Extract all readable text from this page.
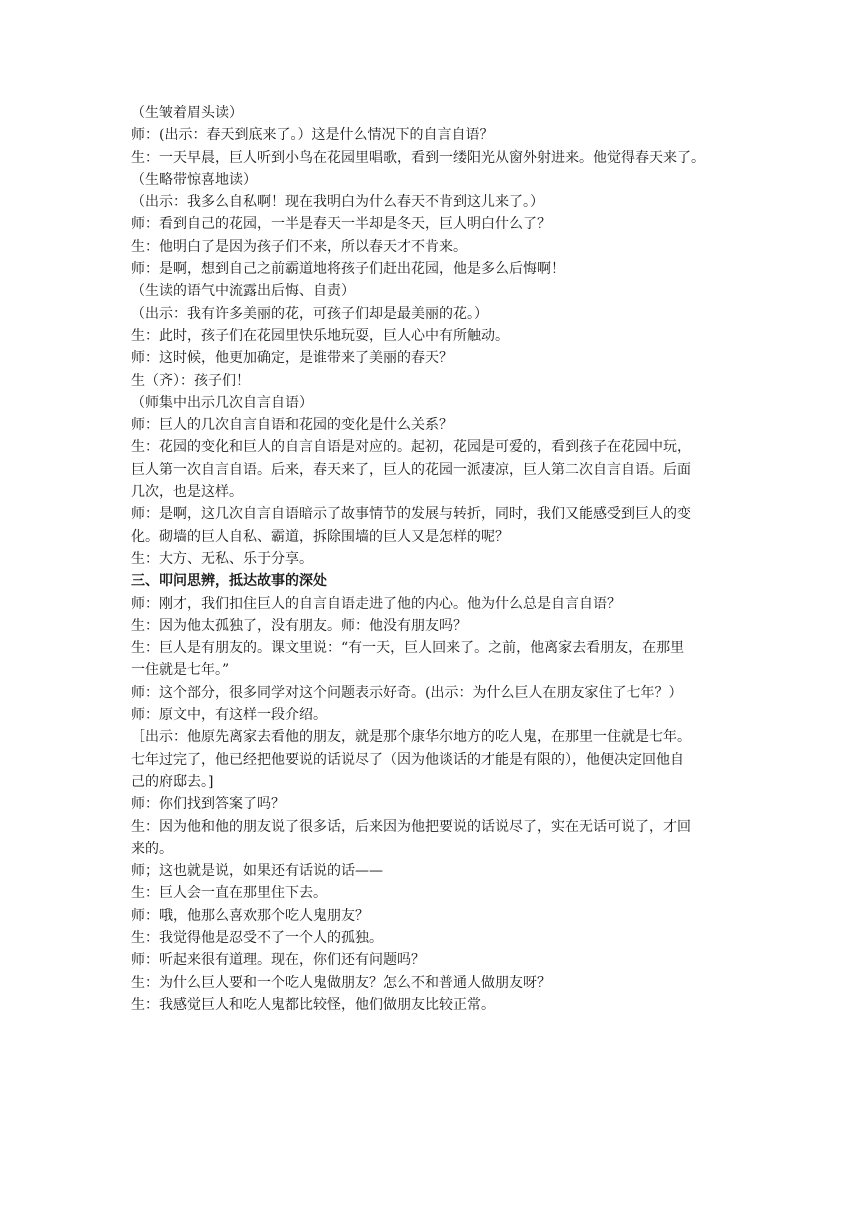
（生皱着眉头读）

师：(出示：春天到底来了。）这是什么情况下的自言自语？

生：一天早晨，巨人听到小鸟在花园里唱歌，看到一缕阳光从窗外射进来。他觉得春天来了。

（生略带惊喜地读）

（出示：我多么自私啊！现在我明白为什么春天不肯到这儿来了。）

师：看到自己的花园，一半是春天一半却是冬天，巨人明白什么了？

生：他明白了是因为孩子们不来，所以春天才不肯来。

师：是啊，想到自己之前霸道地将孩子们赶出花园，他是多么后悔啊！

（生读的语气中流露出后悔、自责）

（出示：我有许多美丽的花，可孩子们却是最美丽的花。）

生：此时，孩子们在花园里快乐地玩耍，巨人心中有所触动。

师：这时候，他更加确定，是谁带来了美丽的春天？

生（齐）：孩子们！

（师集中出示几次自言自语）

师：巨人的几次自言自语和花园的变化是什么关系？

生：花园的变化和巨人的自言自语是对应的。起初，花园是可爱的，看到孩子在花园中玩，

巨人第一次自言自语。后来，春天来了，巨人的花园一派凄凉，巨人第二次自言自语。后面

几次，也是这样。

师：是啊，这几次自言自语暗示了故事情节的发展与转折，同时，我们又能感受到巨人的变

化。砌墙的巨人自私、霸道，拆除围墙的巨人又是怎样的呢？

生：大方、无私、乐于分享。

三、叩问思辨，抵达故事的深处

师：刚才，我们扣住巨人的自言自语走进了他的内心。他为什么总是自言自语？

生：因为他太孤独了，没有朋友。师：他没有朋友吗？

生：巨人是有朋友的。课文里说：“有一天，巨人回来了。之前，他离家去看朋友，在那里

一住就是七年。”

师：这个部分，很多同学对这个问题表示好奇。(出示：为什么巨人在朋友家住了七年？）

师：原文中，有这样一段介绍。

［出示：他原先离家去看他的朋友，就是那个康华尔地方的吃人鬼，在那里一住就是七年。

七年过完了，他已经把他要说的话说尽了（因为他谈话的才能是有限的），他便决定回他自

己的府邸去。]

师：你们找到答案了吗？

生：因为他和他的朋友说了很多话，后来因为他把要说的话说尽了，实在无话可说了，才回

来的。

师；这也就是说，如果还有话说的话——

生：巨人会一直在那里住下去。

师：哦，他那么喜欢那个吃人鬼朋友？

生：我觉得他是忍受不了一个人的孤独。

师：听起来很有道理。现在，你们还有问题吗？

生：为什么巨人要和一个吃人鬼做朋友？怎么不和普通人做朋友呀？

生：我感觉巨人和吃人鬼都比较怪，他们做朋友比较正常。
